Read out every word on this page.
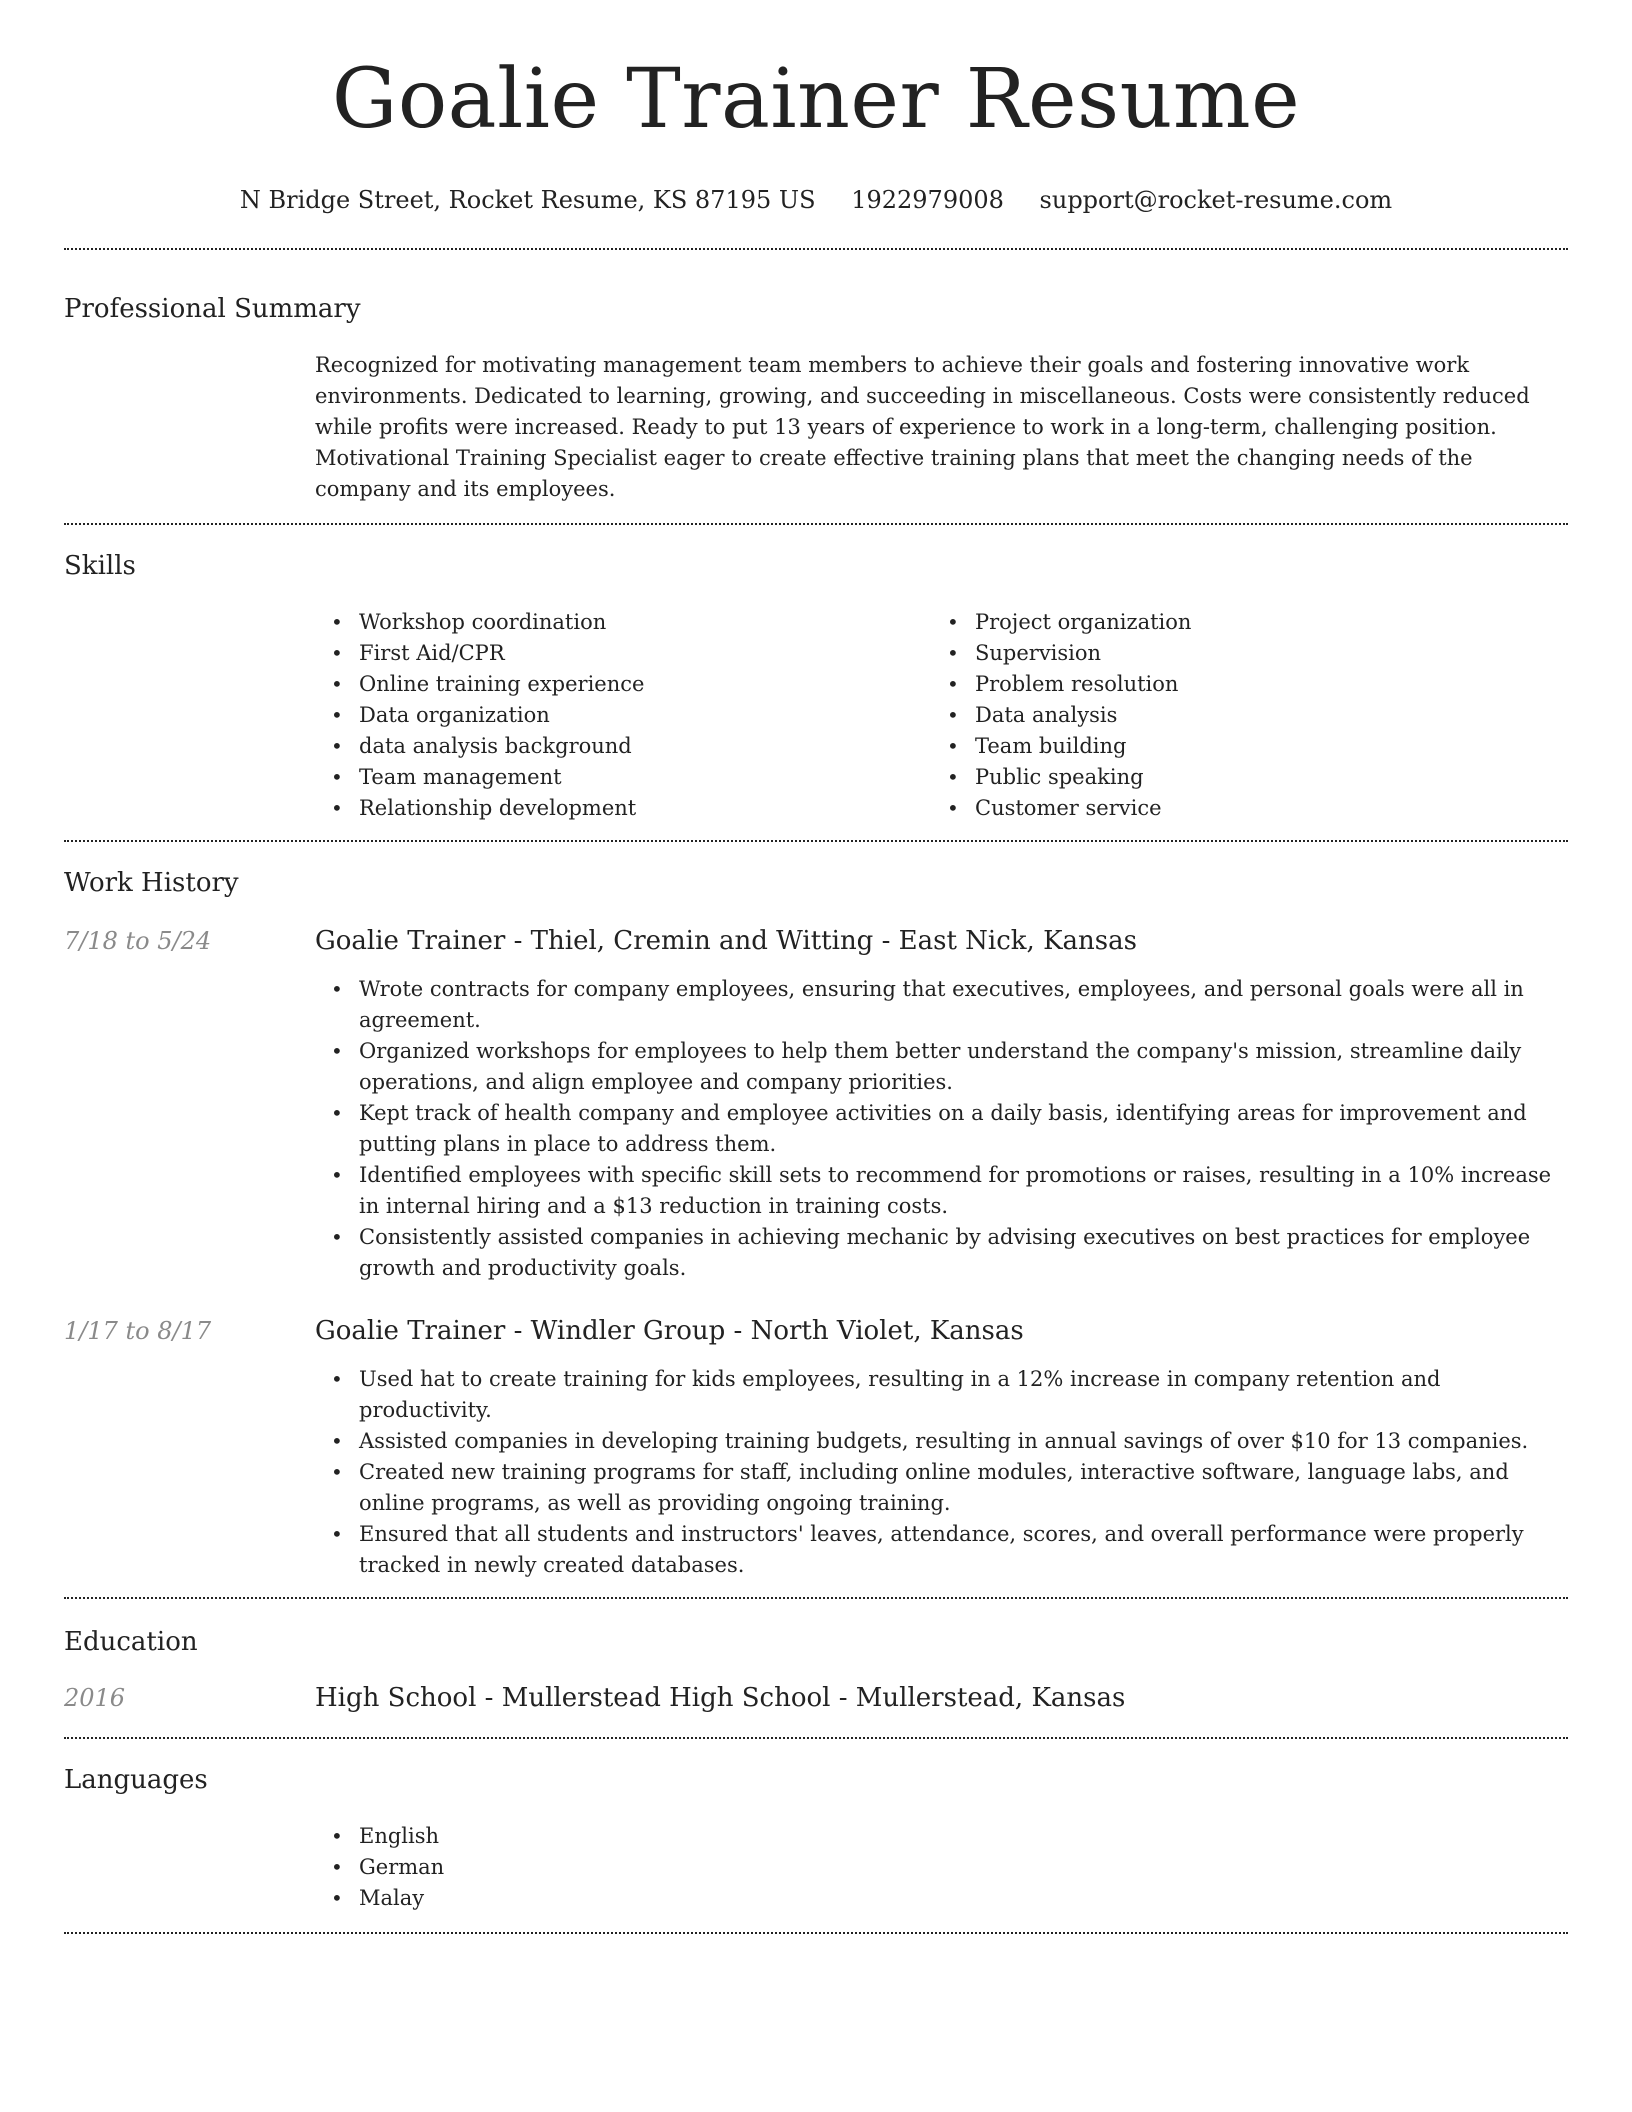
Goalie Trainer Resume
N Bridge Street, Rocket Resume, KS 87195 US 1922979008 support@rocket-resume.com
Professional Summary

Recognized for motivating management team members to achieve their goals and fostering innovative work environments. Dedicated to learning, growing, and succeeding in miscellaneous. Costs were consistently reduced while profits were increased. Ready to put 13 years of experience to work in a long-term, challenging position. Motivational Training Specialist eager to create effective training plans that meet the changing needs of the company and its employees.

Skills
• Workshop coordination
• First Aid/CPR
• Online training experience
• Data organization
• data analysis background
• Team management
• Relationship development
• Project organization
• Supervision
• Problem resolution
• Data analysis
• Team building
• Public speaking
• Customer service
Work History
7/18 to 5/24	Goalie Trainer - Thiel, Cremin and Witting - East Nick, Kansas
• Wrote contracts for company employees, ensuring that executives, employees, and personal goals were all in agreement.
• Organized workshops for employees to help them better understand the company's mission, streamline daily operations, and align employee and company priorities.
• Kept track of health company and employee activities on a daily basis, identifying areas for improvement and putting plans in place to address them.
• Identified employees with specific skill sets to recommend for promotions or raises, resulting in a 10% increase in internal hiring and a $13 reduction in training costs.
• Consistently assisted companies in achieving mechanic by advising executives on best practices for employee growth and productivity goals.
1/17 to 8/17	Goalie Trainer - Windler Group - North Violet, Kansas
• Used hat to create training for kids employees, resulting in a 12% increase in company retention and productivity.
• Assisted companies in developing training budgets, resulting in annual savings of over $10 for 13 companies.
• Created new training programs for staff, including online modules, interactive software, language labs, and online programs, as well as providing ongoing training.
• Ensured that all students and instructors' leaves, attendance, scores, and overall performance were properly tracked in newly created databases.
Education
2016	High School - Mullerstead High School - Mullerstead, Kansas
Languages
• English
• German
• Malay
